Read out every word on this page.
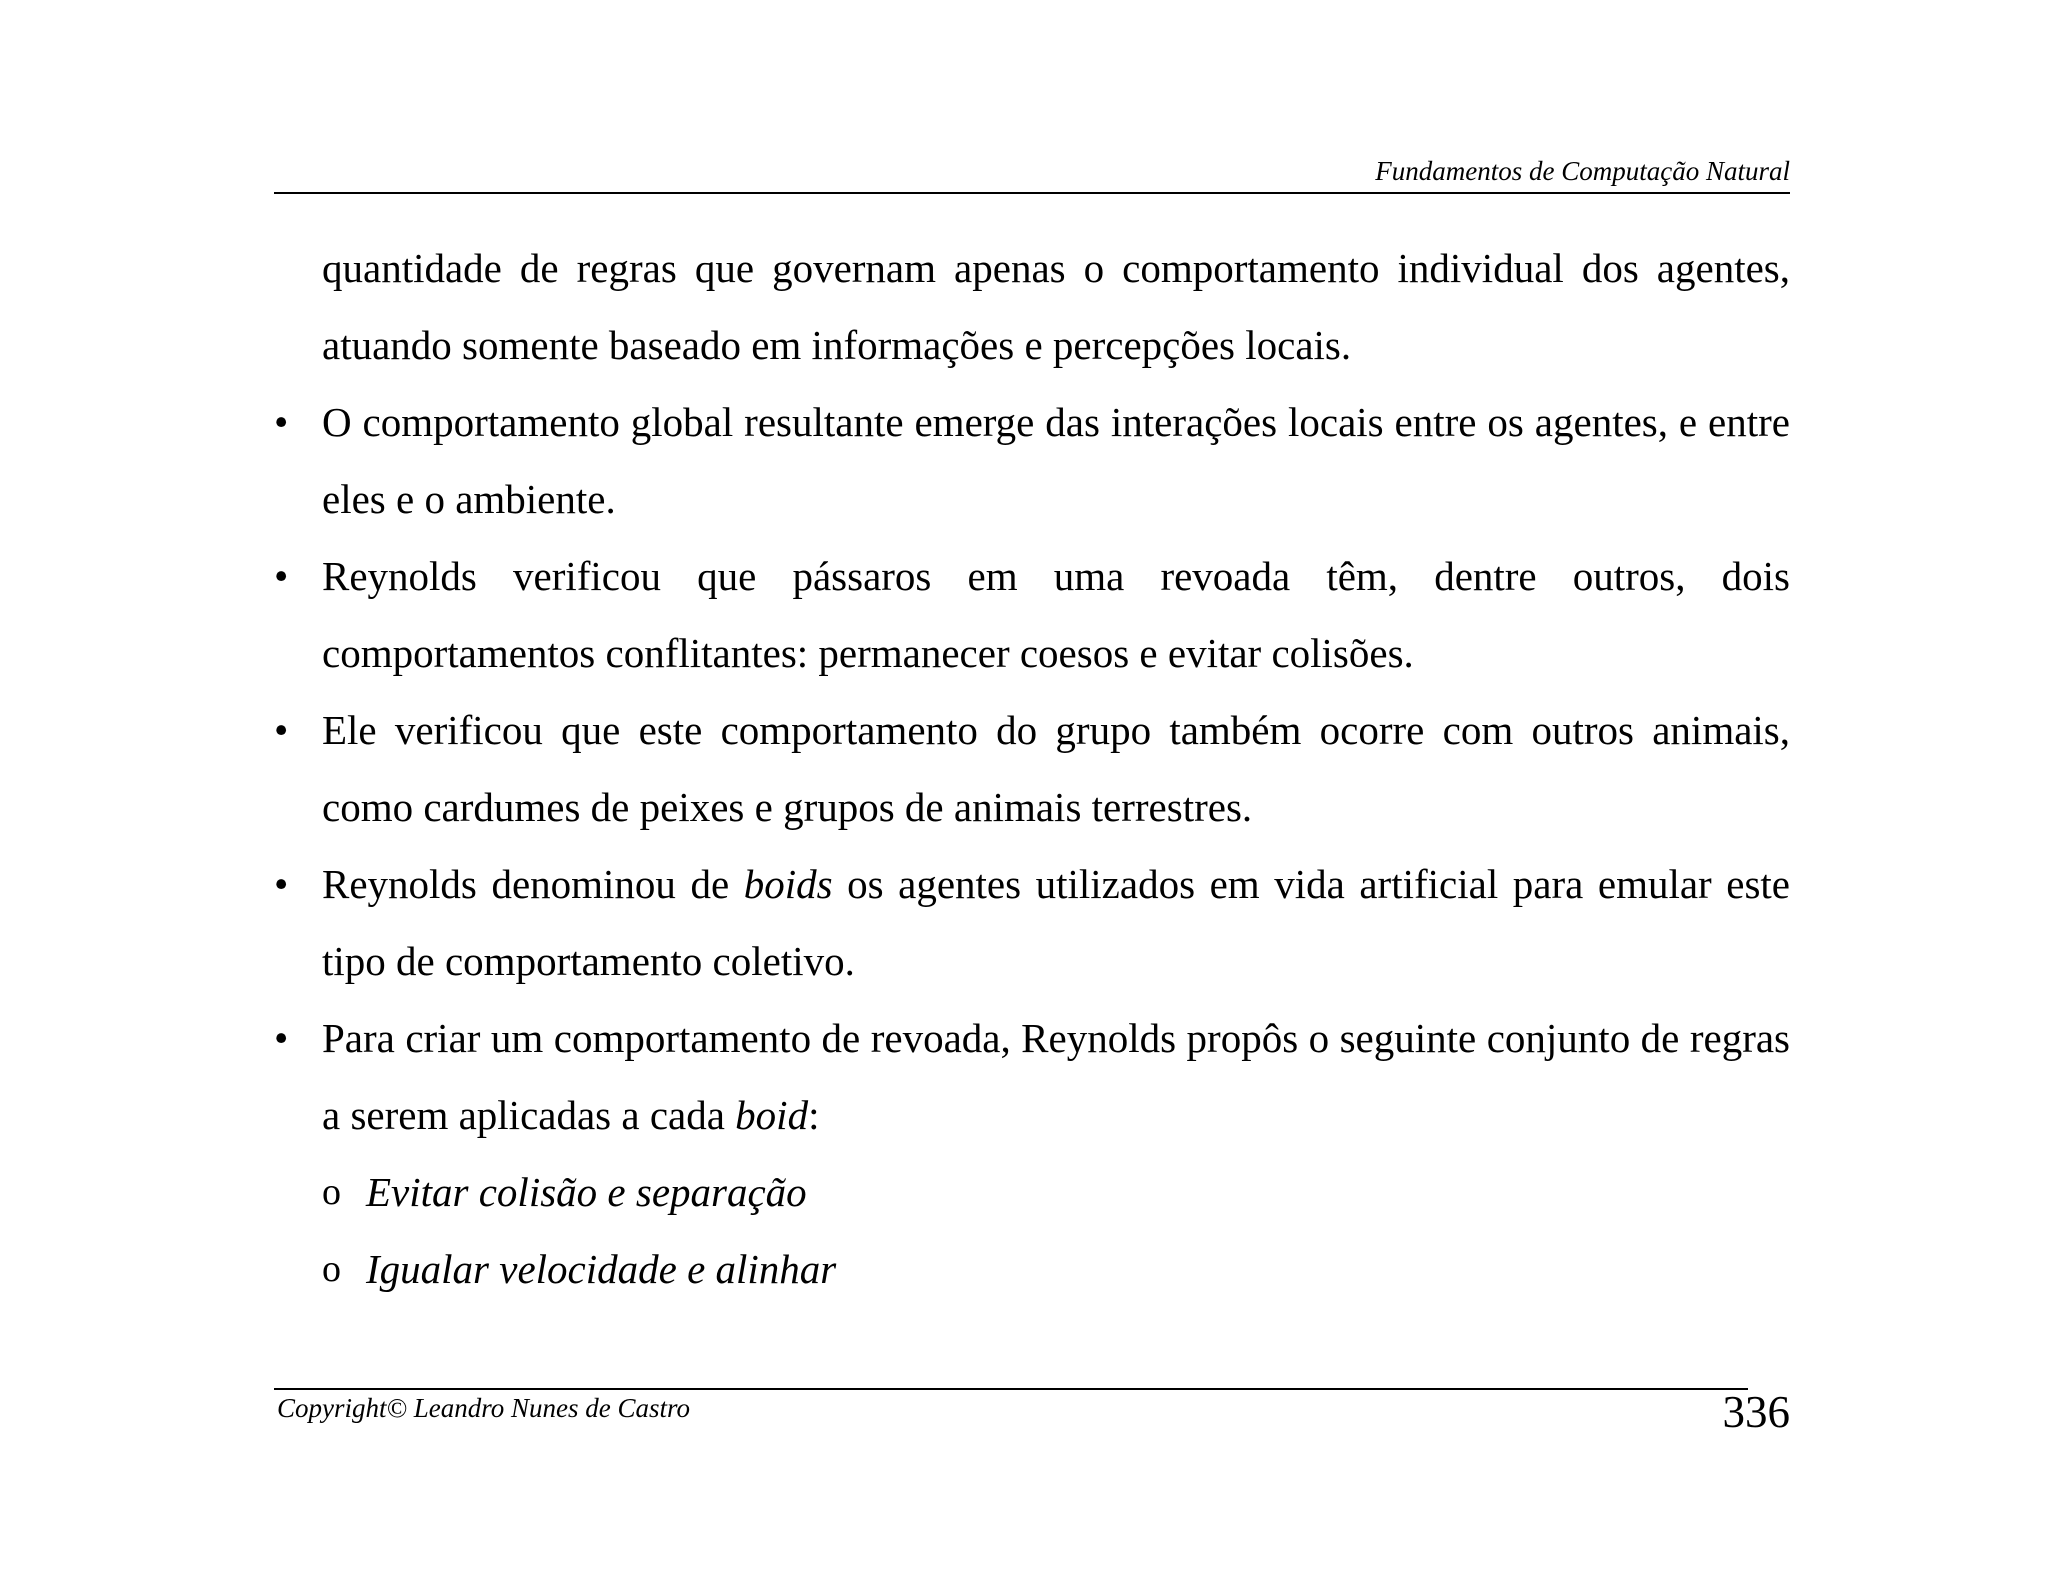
Fundamentos de Computação Natural

quantidade de regras que governam apenas o comportamento individual dos agentes, atuando somente baseado em informações e percepções locais.

• O comportamento global resultante emerge das interações locais entre os agentes, e entre eles e o ambiente.

• Reynolds verificou que pássaros em uma revoada têm, dentre outros, dois comportamentos conflitantes: permanecer coesos e evitar colisões.

• Ele verificou que este comportamento do grupo também ocorre com outros animais, como cardumes de peixes e grupos de animais terrestres.

• Reynolds denominou de boids os agentes utilizados em vida artificial para emular este tipo de comportamento coletivo.

• Para criar um comportamento de revoada, Reynolds propôs o seguinte conjunto de regras a serem aplicadas a cada boid:

o Evitar colisão e separação

o Igualar velocidade e alinhar

Copyright© Leandro Nunes de Castro	336
